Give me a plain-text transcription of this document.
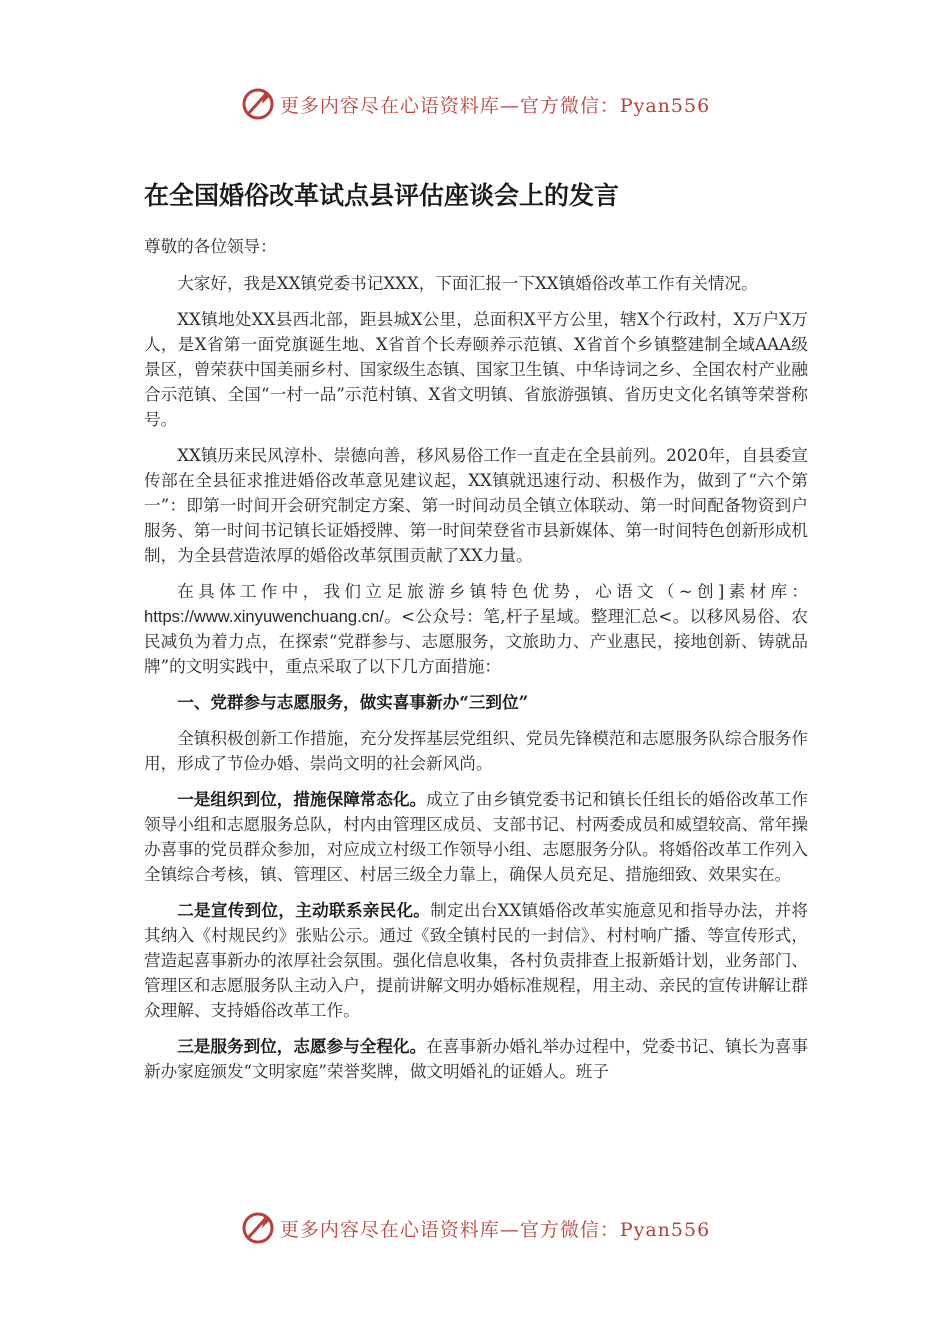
更多内容尽在心语资料库—官方微信：Pyan556
在全国婚俗改革试点县评估座谈会上的发言

尊敬的各位领导：

大家好，我是XX镇党委书记XXX，下面汇报一下XX镇婚俗改革工作有关情况。

XX镇地处XX县西北部，距县城X公里，总面积X平方公里，辖X个行政村，X万户X万人，是X省第一面党旗诞生地、X省首个长寿颐养示范镇、X省首个乡镇整建制全域AAA级景区，曾荣获中国美丽乡村、国家级生态镇、国家卫生镇、中华诗词之乡、全国农村产业融合示范镇、全国“一村一品”示范村镇、X省文明镇、省旅游强镇、省历史文化名镇等荣誉称号。

XX镇历来民风淳朴、崇德向善，移风易俗工作一直走在全县前列。2020年，自县委宣传部在全县征求推进婚俗改革意见建议起，XX镇就迅速行动、积极作为，做到了“六个第一”：即第一时间开会研究制定方案、第一时间动员全镇立体联动、第一时间配备物资到户服务、第一时间书记镇长证婚授牌、第一时间荣登省市县新媒体、第一时间特色创新形成机制，为全县营造浓厚的婚俗改革氛围贡献了XX力量。

在具体工作中，我们立足旅游乡镇特色优势，心语文（~创]素材库：https://www.xinyuwenchuang.cn/。<公众号：笔,杆子星域。整理汇总<。以移风易俗、农民减负为着力点，在探索“党群参与、志愿服务，文旅助力、产业惠民，接地创新、铸就品牌”的文明实践中，重点采取了以下几方面措施：

一、党群参与志愿服务，做实喜事新办“三到位”

全镇积极创新工作措施，充分发挥基层党组织、党员先锋模范和志愿服务队综合服务作用，形成了节俭办婚、崇尚文明的社会新风尚。

一是组织到位，措施保障常态化。成立了由乡镇党委书记和镇长任组长的婚俗改革工作领导小组和志愿服务总队，村内由管理区成员、支部书记、村两委成员和威望较高、常年操办喜事的党员群众参加，对应成立村级工作领导小组、志愿服务分队。将婚俗改革工作列入全镇综合考核，镇、管理区、村居三级全力靠上，确保人员充足、措施细致、效果实在。

二是宣传到位，主动联系亲民化。制定出台XX镇婚俗改革实施意见和指导办法，并将其纳入《村规民约》张贴公示。通过《致全镇村民的一封信》、村村响广播、等宣传形式，营造起喜事新办的浓厚社会氛围。强化信息收集，各村负责排查上报新婚计划，业务部门、管理区和志愿服务队主动入户，提前讲解文明办婚标准规程，用主动、亲民的宣传讲解让群众理解、支持婚俗改革工作。

三是服务到位，志愿参与全程化。在喜事新办婚礼举办过程中，党委书记、镇长为喜事新办家庭颁发“文明家庭”荣誉奖牌，做文明婚礼的证婚人。班子

更多内容尽在心语资料库—官方微信：Pyan556
